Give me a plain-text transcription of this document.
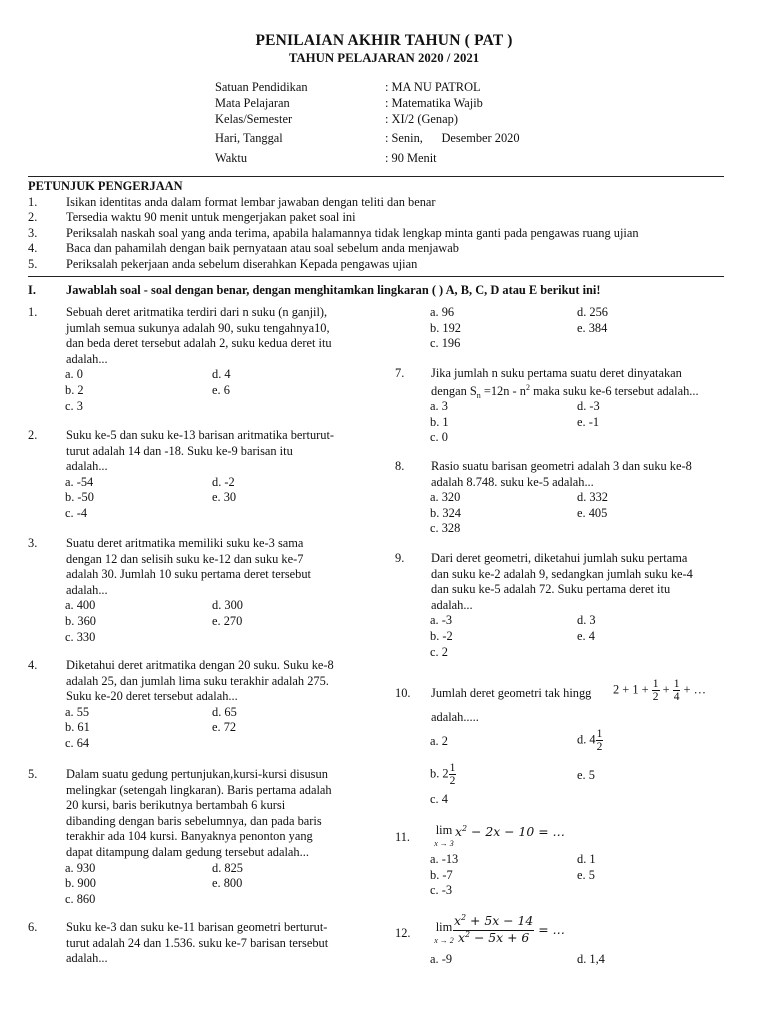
PENILAIAN AKHIR TAHUN ( PAT )
TAHUN PELAJARAN 2020 / 2021
Satuan Pendidikan	: MA NU PATROL
Mata Pelajaran	: Matematika Wajib
Kelas/Semester	: XI/2 (Genap)
Hari, Tanggal	: Senin,      Desember 2020
Waktu	: 90 Menit
PETUNJUK PENGERJAAN
1. Isikan identitas anda dalam format lembar jawaban dengan teliti dan benar
2. Tersedia waktu 90 menit untuk mengerjakan paket soal ini
3. Periksalah naskah soal yang anda terima, apabila halamannya tidak lengkap minta ganti pada pengawas ruang ujian
4. Baca dan pahamilah dengan baik pernyataan atau soal sebelum anda menjawab
5. Periksalah pekerjaan anda sebelum diserahkan Kepada pengawas ujian
I. Jawablah soal - soal dengan benar, dengan menghitamkan lingkaran ( ) A, B, C, D atau E berikut ini!
1. Sebuah deret aritmatika terdiri dari n suku (n ganjil),
jumlah semua sukunya adalah 90, suku tengahnya10,
dan beda deret tersebut adalah 2, suku kedua deret itu
adalah...
a. 0
b. 2
c. 3
d. 4
e. 6
2. Suku ke-5 dan suku ke-13 barisan aritmatika berturut-
turut adalah 14 dan -18. Suku ke-9 barisan itu
adalah...
a. -54
b. -50
c. -4
d. -2
e. 30
3. Suatu deret aritmatika memiliki suku ke-3 sama
dengan 12 dan selisih suku ke-12 dan suku ke-7
adalah 30. Jumlah 10 suku pertama deret tersebut
adalah...
a. 400
b. 360
c. 330
d. 300
e. 270
4. Diketahui deret aritmatika dengan 20 suku. Suku ke-8
adalah 25, dan jumlah lima suku terakhir adalah 275.
Suku ke-20 deret tersebut adalah...
a. 55
b. 61
c. 64
d. 65
e. 72
5. Dalam suatu gedung pertunjukan,kursi-kursi disusun
melingkar (setengah lingkaran). Baris pertama adalah
20 kursi, baris berikutnya bertambah 6 kursi
dibanding dengan baris sebelumnya, dan pada baris
terakhir ada 104 kursi. Banyaknya penonton yang
dapat ditampung dalam gedung tersebut adalah...
a. 930
b. 900
c. 860
d. 825
e. 800
6. Suku ke-3 dan suku ke-11 barisan geometri berturut-
turut adalah 24 dan 1.536. suku ke-7 barisan tersebut
adalah...
a. 96	d. 256
b. 192	e. 384
c. 196
7. Jika jumlah n suku pertama suatu deret dinyatakan
dengan $S_n =12n - n^2$ maka suku ke-6 tersebut adalah...
a. 3
b. 1
c. 0
d. -3
e. -1
8. Rasio suatu barisan geometri adalah 3 dan suku ke-8
adalah 8.748. suku ke-5 adalah...
a. 320
b. 324
c. 328
d. 332
e. 405
9. Dari deret geometri, diketahui jumlah suku pertama
dan suku ke-2 adalah 9, sedangkan jumlah suku ke-4
dan suku ke-5 adalah 72. Suku pertama deret itu
adalah...
a. -3
b. -2
c. 2
d. 3
e. 4
10. Jumlah deret geometri tak hingg $2 + 1 + \frac{1}{2} + \frac{1}{4}$ + …
adalah.....
a. 2	d. $4 \frac{1}{2}$
b. $2 \frac{1}{2}$	e. 5
c. 4
11.	lim
x → 3
$x^2 - 2x - 10$ = …
a. -13	d. 1
b. -7	e. 5
c. -3
12.	lim
$x \to 2 \frac{x^2 + 5x - 14}{x^2 - 5x + 6}$ = …
a. -9	d. 1,4
